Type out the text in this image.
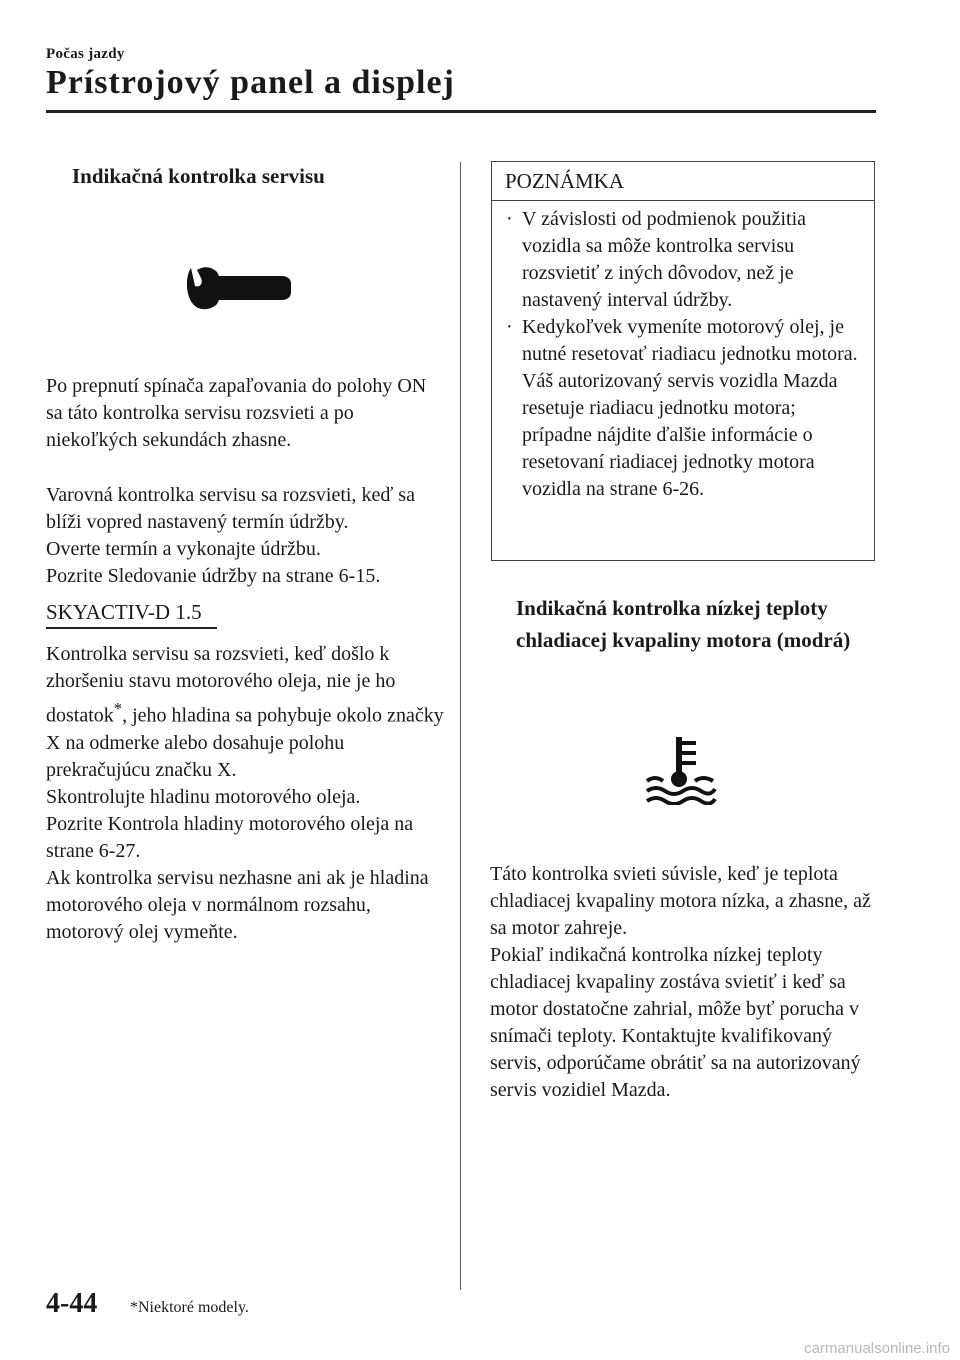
Počas jazdy
Prístrojový panel a displej
Indikačná kontrolka servisu

Po prepnutí spínača zapaľovania do polohy ON sa táto kontrolka servisu rozsvieti a po niekoľkých sekundách zhasne.

Varovná kontrolka servisu sa rozsvieti, keď sa blíži vopred nastavený termín údržby.

Overte termín a vykonajte údržbu.

Pozrite Sledovanie údržby na strane 6-15.

SKYACTIV-D 1.5

Kontrolka servisu sa rozsvieti, keď došlo k zhoršeniu stavu motorového oleja, nie je ho dostatok*, jeho hladina sa pohybuje okolo značky X na odmerke alebo dosahuje polohu prekračujúcu značku X.

Skontrolujte hladinu motorového oleja.

Pozrite Kontrola hladiny motorového oleja na strane 6-27.

Ak kontrolka servisu nezhasne ani ak je hladina motorového oleja v normálnom rozsahu, motorový olej vymeňte.

POZNÁMKA

· V závislosti od podmienok použitia vozidla sa môže kontrolka servisu rozsvietiť z iných dôvodov, než je nastavený interval údržby.

· Kedykoľvek vymeníte motorový olej, je nutné resetovať riadiacu jednotku motora.

Váš autorizovaný servis vozidla Mazda resetuje riadiacu jednotku motora; prípadne nájdite ďalšie informácie o resetovaní riadiacej jednotky motora vozidla na strane 6-26.

Indikačná kontrolka nízkej teploty chladiacej kvapaliny motora (modrá)

Táto kontrolka svieti súvisle, keď je teplota chladiacej kvapaliny motora nízka, a zhasne, až sa motor zahreje.

Pokiaľ indikačná kontrolka nízkej teploty chladiacej kvapaliny zostáva svietiť i keď sa motor dostatočne zahrial, môže byť porucha v snímači teploty. Kontaktujte kvalifikovaný servis, odporúčame obrátiť sa na autorizovaný servis vozidiel Mazda.

4-44 *Niektoré modely.
carmanualsonline.info
